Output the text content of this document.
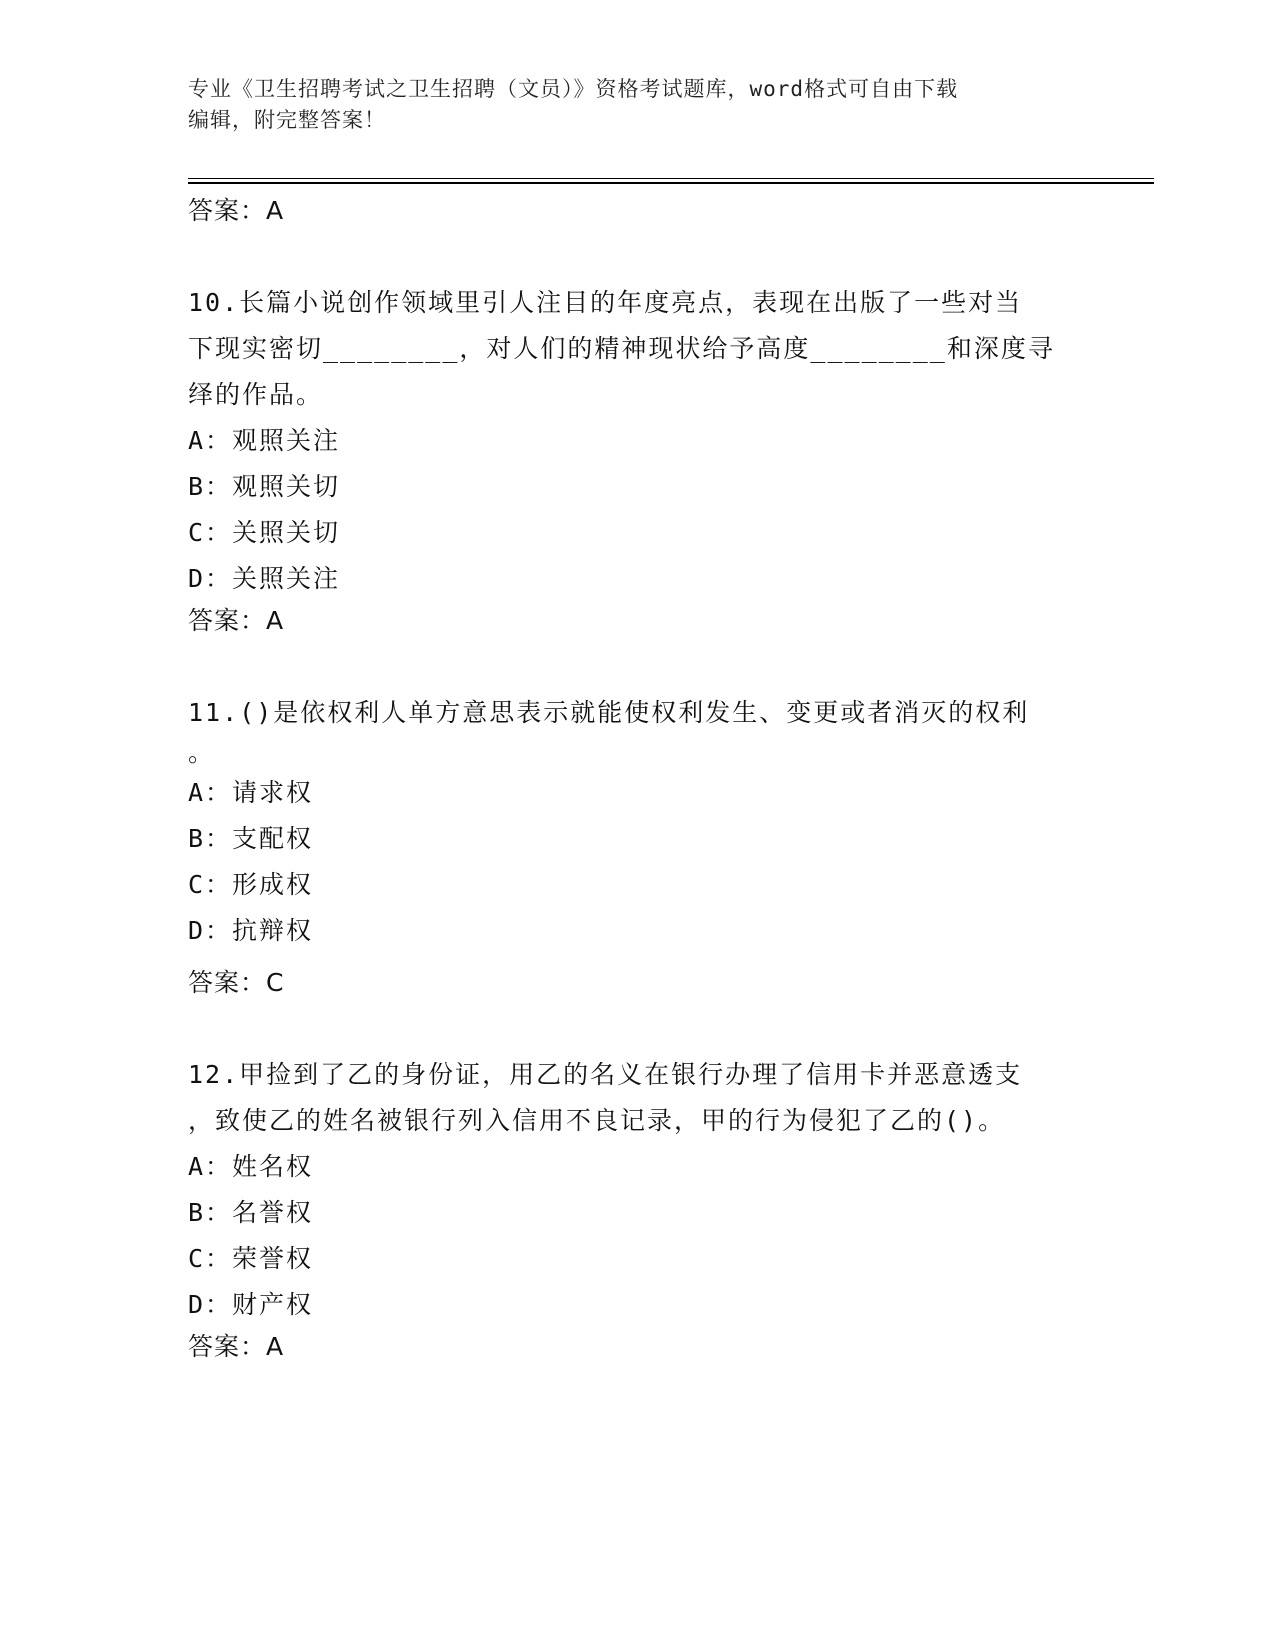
专业《卫生招聘考试之卫生招聘（文员）》资格考试题库，word格式可自由下载
编辑，附完整答案！
答案：A

10.长篇小说创作领域里引人注目的年度亮点，表现在出版了一些对当

下现实密切________，对人们的精神现状给予高度________和深度寻

绎的作品。

A：观照关注

B：观照关切

C：关照关切

D：关照关注

答案：A

11.()是依权利人单方意思表示就能使权利发生、变更或者消灭的权利

。

A：请求权

B：支配权

C：形成权

D：抗辩权

答案：C

12.甲捡到了乙的身份证，用乙的名义在银行办理了信用卡并恶意透支

，致使乙的姓名被银行列入信用不良记录，甲的行为侵犯了乙的()。

A：姓名权

B：名誉权

C：荣誉权

D：财产权

答案：A
